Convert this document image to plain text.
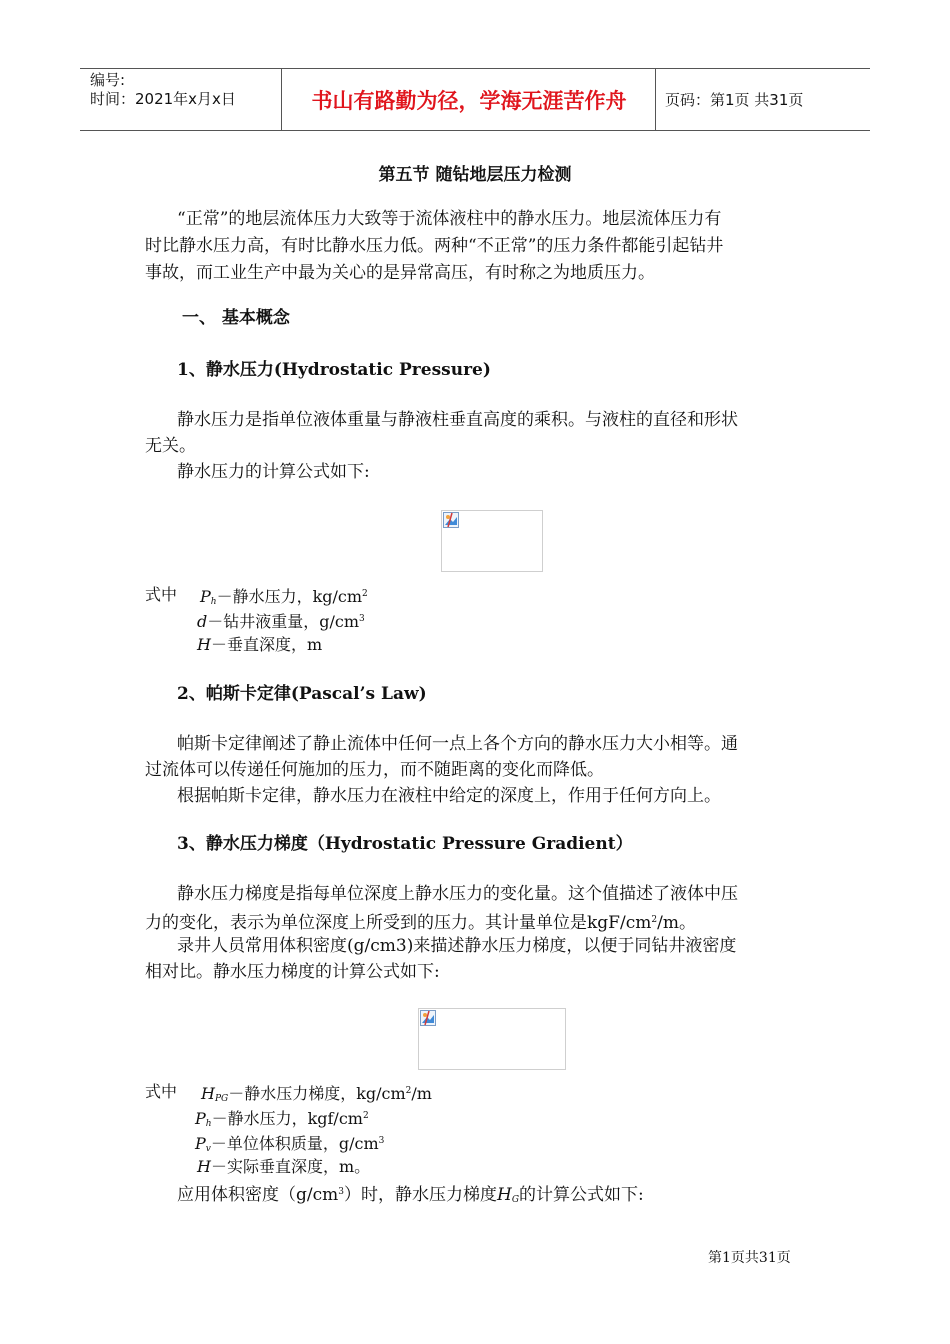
编号:
时间：2021年x月x日	书山有路勤为径，学海无涯苦作舟	页码：第1页 共31页
第五节 随钻地层压力检测
“正常”的地层流体压力大致等于流体液柱中的静水压力。地层流体压力有
时比静水压力高，有时比静水压力低。两种“不正常”的压力条件都能引起钻井
事故，而工业生产中最为关心的是异常高压，有时称之为地质压力。
一、 基本概念
1、静水压力(Hydrostatic Pressure)
静水压力是指单位液体重量与静液柱垂直高度的乘积。与液柱的直径和形状
无关。
静水压力的计算公式如下:
式中 $P_h-$静水压力，$kg/cm^2$
d－钻井液重量，$g/cm^3$
H－垂直深度，m
2、帕斯卡定律(Pascal’s Law)
帕斯卡定律阐述了静止流体中任何一点上各个方向的静水压力大小相等。通
过流体可以传递任何施加的压力，而不随距离的变化而降低。
根据帕斯卡定律，静水压力在液柱中给定的深度上，作用于任何方向上。
3、静水压力梯度（Hydrostatic Pressure Gradient）
静水压力梯度是指每单位深度上静水压力的变化量。这个值描述了液体中压
力的变化，表示为单位深度上所受到的压力。其计量单位是kgF/$cm^2/m$。
录井人员常用体积密度(g/cm3)来描述静水压力梯度，以便于同钻井液密度
相对比。静水压力梯度的计算公式如下:
式中 $H_{PG}-$静水压力梯度，$kg/cm^2/m$
$P_h-$静水压力，kgf/$cm^2$
$P_v-$单位体积质量，$g/cm^3$
H－实际垂直深度，m。
应用体积密度$(g/cm^3)$时，静水压力梯度$H_G$的计算公式如下:
第1页共31页
